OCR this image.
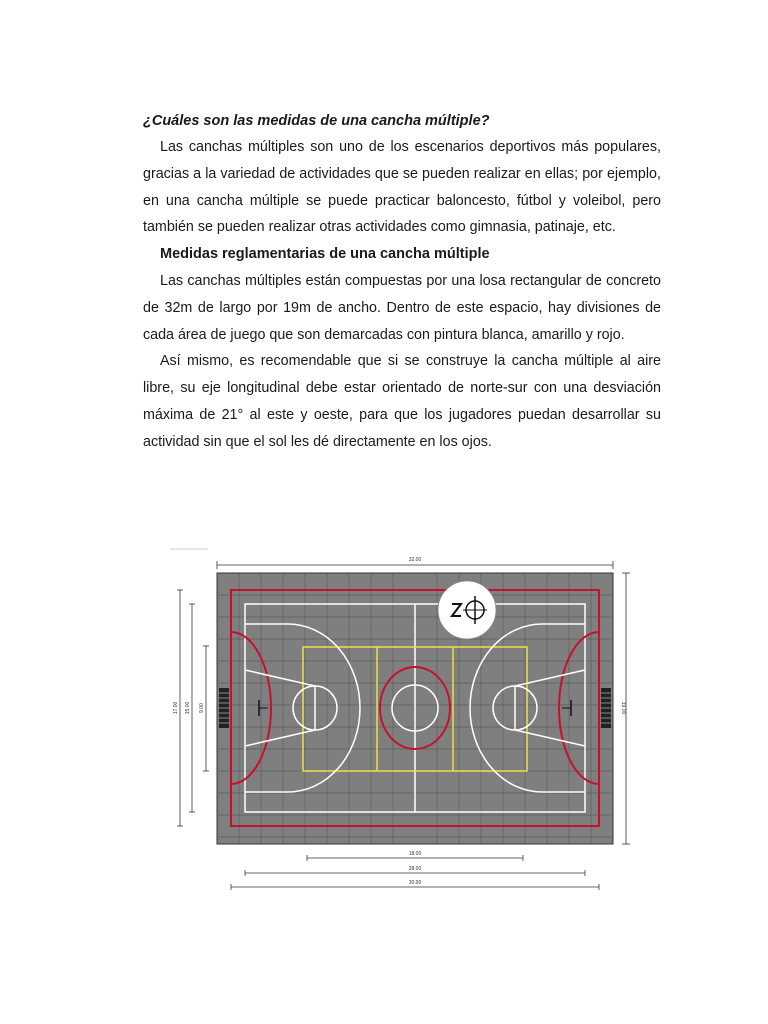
¿Cuáles son las medidas de una cancha múltiple?

Las canchas múltiples son uno de los escenarios deportivos más populares, gracias a la variedad de actividades que se pueden realizar en ellas; por ejemplo, en una cancha múltiple se puede practicar baloncesto, fútbol y voleibol, pero también se pueden realizar otras actividades como gimnasia, patinaje, etc.

Medidas reglamentarias de una cancha múltiple

Las canchas múltiples están compuestas por una losa rectangular de concreto de 32m de largo por 19m de ancho. Dentro de este espacio, hay divisiones de cada área de juego que son demarcadas con pintura blanca, amarillo y rojo.

Así mismo, es recomendable que si se construye la cancha múltiple al aire libre, su eje longitudinal debe estar orientado de norte-sur con una desviación máxima de 21° al este y oeste, para que los jugadores puedan desarrollar su actividad sin que el sol les dé directamente en los ojos.

32.00
19.00
17.00 15.00 9.00
18.00
28.00
30.00
